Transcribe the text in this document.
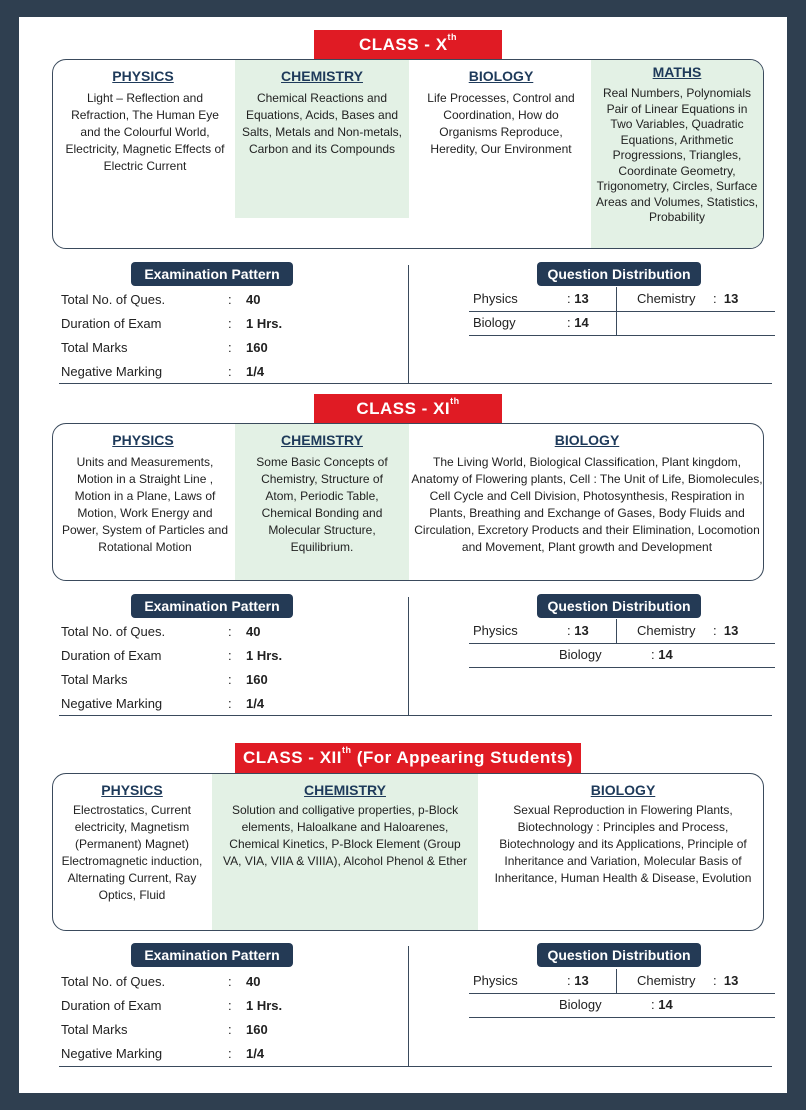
CLASS - Xth
PHYSICS
Light – Reflection and Refraction, The Human Eye and the Colourful World, Electricity, Magnetic Effects of Electric Current
CHEMISTRY
Chemical Reactions and Equations, Acids, Bases and Salts, Metals and Non-metals, Carbon and its Compounds
BIOLOGY
Life Processes, Control and Coordination, How do Organisms Reproduce, Heredity, Our Environment
MATHS
Real Numbers, Polynomials Pair of Linear Equations in Two Variables, Quadratic Equations, Arithmetic Progressions, Triangles, Coordinate Geometry, Trigonometry, Circles, Surface Areas and Volumes, Statistics, Probability
Examination Pattern	Question Distribution
Total No. of Ques.	: 40
Duration of Exam	: 1 Hrs.
Total Marks	: 160
Negative Marking	: 1/4
Physics	: 13	Chemistry :  13
Biology	: 14
CLASS - XIth
PHYSICS
Units and Measurements, Motion in a Straight Line , Motion in a Plane, Laws of Motion, Work Energy and Power, System of Particles and Rotational Motion
CHEMISTRY
Some Basic Concepts of Chemistry, Structure of Atom, Periodic Table, Chemical Bonding and Molecular Structure, Equilibrium.
BIOLOGY
The Living World, Biological Classification, Plant kingdom, Anatomy of Flowering plants, Cell : The Unit of Life, Biomolecules, Cell Cycle and Cell Division, Photosynthesis, Respiration in Plants, Breathing and Exchange of Gases, Body Fluids and Circulation, Excretory Products and their Elimination, Locomotion and Movement, Plant growth and Development
Examination Pattern	Question Distribution
Total No. of Ques.	: 40
Duration of Exam	: 1 Hrs.
Total Marks	: 160
Negative Marking	: 1/4
Physics	: 13	Chemistry :  13
Biology	: 14
CLASS - XIIth (For Appearing Students)
PHYSICS
Electrostatics, Current electricity, Magnetism (Permanent) Magnet) Electromagnetic induction, Alternating Current, Ray Optics, Fluid
CHEMISTRY
Solution and colligative properties, p-Block elements, Haloalkane and Haloarenes, Chemical Kinetics, P-Block Element (Group VA, VIA, VIIA & VIIIA), Alcohol Phenol & Ether
BIOLOGY
Sexual Reproduction in Flowering Plants, Biotechnology : Principles and Process, Biotechnology and its Applications, Principle of Inheritance and Variation, Molecular Basis of Inheritance, Human Health & Disease, Evolution
Examination Pattern	Question Distribution
Total No. of Ques.	: 40
Duration of Exam	: 1 Hrs.
Total Marks	: 160
Negative Marking	: 1/4
Physics	: 13	Chemistry :  13
Biology	: 14
